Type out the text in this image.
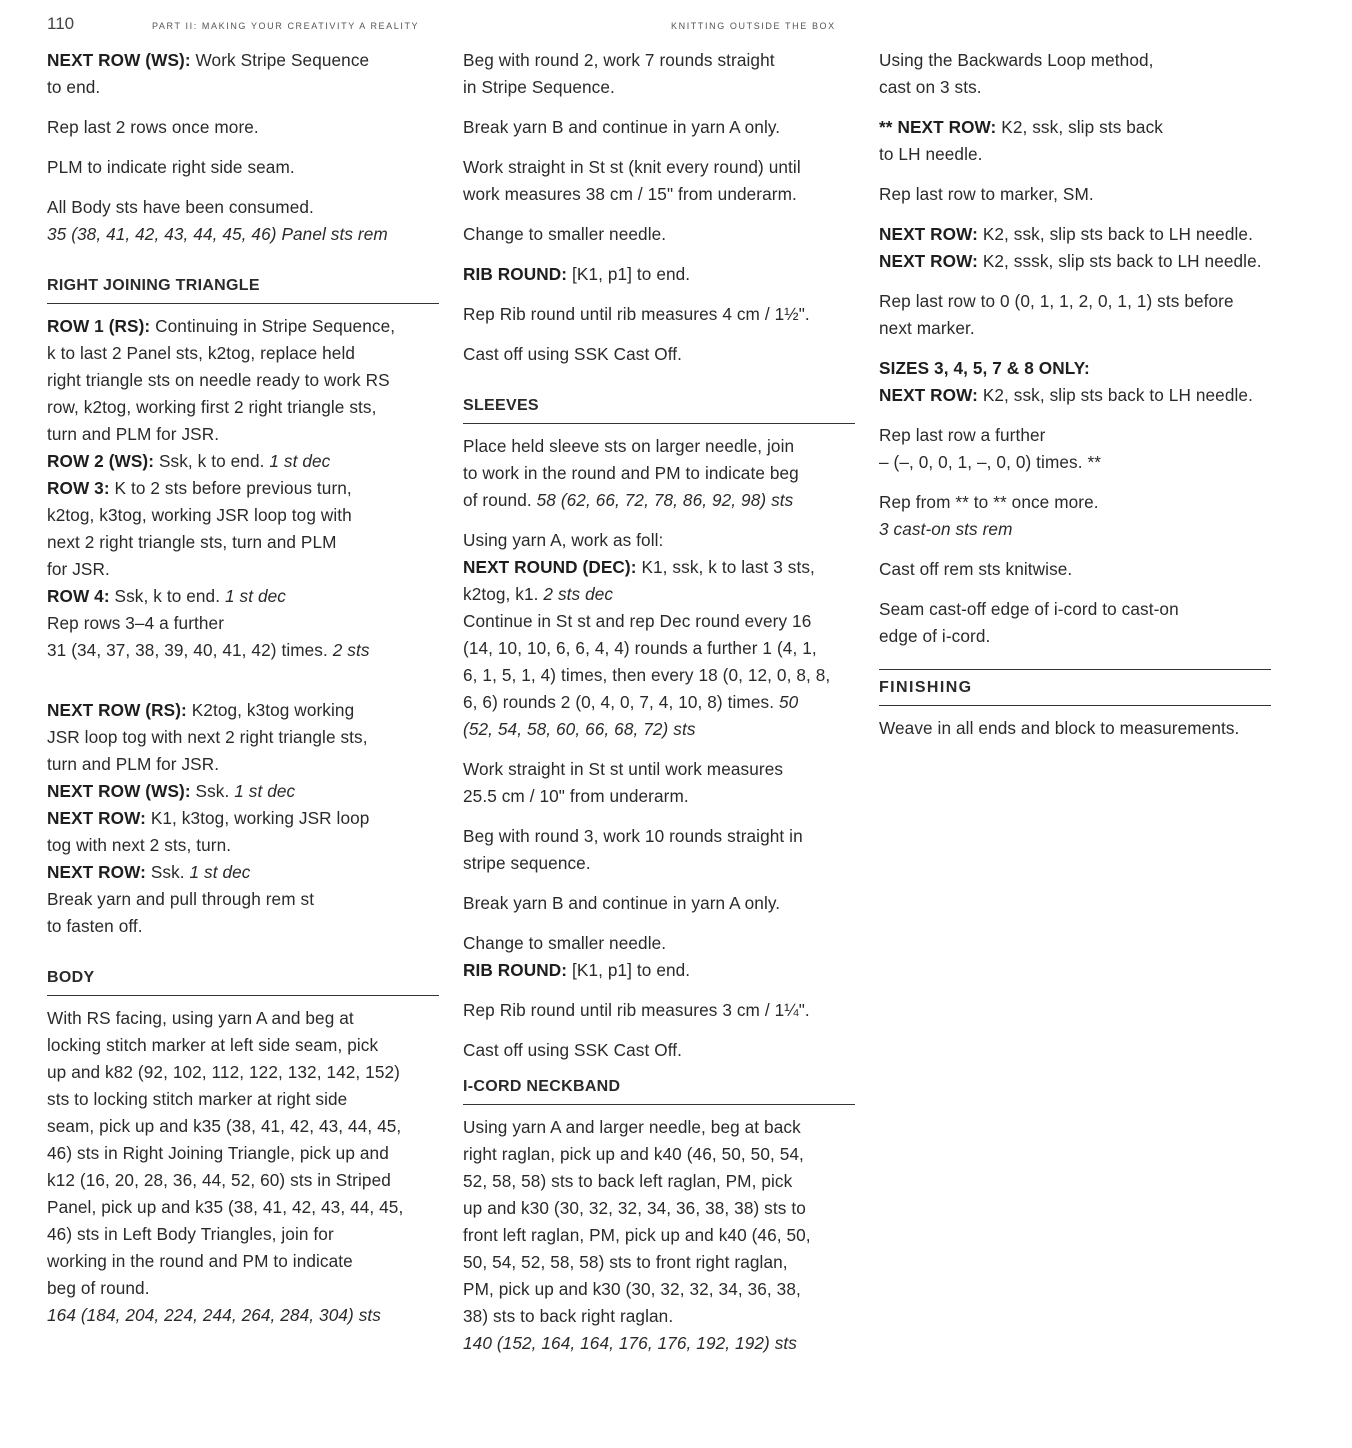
110	PART II: MAKING YOUR CREATIVITY A REALITY	KNITTING OUTSIDE THE BOX

NEXT ROW (WS): Work Stripe Sequence
to end.

Rep last 2 rows once more.

PLM to indicate right side seam.

All Body sts have been consumed.
35 (38, 41, 42, 43, 44, 45, 46) Panel sts rem

RIGHT JOINING TRIANGLE

ROW 1 (RS): Continuing in Stripe Sequence,
k to last 2 Panel sts, k2tog, replace held
right triangle sts on needle ready to work RS
row, k2tog, working first 2 right triangle sts,
turn and PLM for JSR.
ROW 2 (WS): Ssk, k to end. 1 st dec
ROW 3: K to 2 sts before previous turn,
k2tog, k3tog, working JSR loop tog with
next 2 right triangle sts, turn and PLM
for JSR.
ROW 4: Ssk, k to end. 1 st dec
Rep rows 3–4 a further
31 (34, 37, 38, 39, 40, 41, 42) times. 2 sts

NEXT ROW (RS): K2tog, k3tog working
JSR loop tog with next 2 right triangle sts,
turn and PLM for JSR.
NEXT ROW (WS): Ssk. 1 st dec
NEXT ROW: K1, k3tog, working JSR loop
tog with next 2 sts, turn.
NEXT ROW: Ssk. 1 st dec
Break yarn and pull through rem st
to fasten off.

BODY

With RS facing, using yarn A and beg at
locking stitch marker at left side seam, pick
up and k82 (92, 102, 112, 122, 132, 142, 152)
sts to locking stitch marker at right side
seam, pick up and k35 (38, 41, 42, 43, 44, 45,
46) sts in Right Joining Triangle, pick up and
k12 (16, 20, 28, 36, 44, 52, 60) sts in Striped
Panel, pick up and k35 (38, 41, 42, 43, 44, 45,
46) sts in Left Body Triangles, join for
working in the round and PM to indicate
beg of round.
164 (184, 204, 224, 244, 264, 284, 304) sts

Beg with round 2, work 7 rounds straight
in Stripe Sequence.

Break yarn B and continue in yarn A only.

Work straight in St st (knit every round) until
work measures 38 cm / 15" from underarm.

Change to smaller needle.

RIB ROUND: [K1, p1] to end.

Rep Rib round until rib measures 4 cm / 1½".

Cast off using SSK Cast Off.

SLEEVES

Place held sleeve sts on larger needle, join
to work in the round and PM to indicate beg
of round. 58 (62, 66, 72, 78, 86, 92, 98) sts

Using yarn A, work as foll:
NEXT ROUND (DEC): K1, ssk, k to last 3 sts,
k2tog, k1. 2 sts dec
Continue in St st and rep Dec round every 16
(14, 10, 10, 6, 6, 4, 4) rounds a further 1 (4, 1,
6, 1, 5, 1, 4) times, then every 18 (0, 12, 0, 8, 8,
6, 6) rounds 2 (0, 4, 0, 7, 4, 10, 8) times. 50
(52, 54, 58, 60, 66, 68, 72) sts

Work straight in St st until work measures
25.5 cm / 10" from underarm.

Beg with round 3, work 10 rounds straight in
stripe sequence.

Break yarn B and continue in yarn A only.

Change to smaller needle.
RIB ROUND: [K1, p1] to end.

Rep Rib round until rib measures 3 cm / 1¼".

Cast off using SSK Cast Off.

I-CORD NECKBAND

Using yarn A and larger needle, beg at back
right raglan, pick up and k40 (46, 50, 50, 54,
52, 58, 58) sts to back left raglan, PM, pick
up and k30 (30, 32, 32, 34, 36, 38, 38) sts to
front left raglan, PM, pick up and k40 (46, 50,
50, 54, 52, 58, 58) sts to front right raglan,
PM, pick up and k30 (30, 32, 32, 34, 36, 38,
38) sts to back right raglan.
140 (152, 164, 164, 176, 176, 192, 192) sts

Using the Backwards Loop method,
cast on 3 sts.

** NEXT ROW: K2, ssk, slip sts back
to LH needle.

Rep last row to marker, SM.

NEXT ROW: K2, ssk, slip sts back to LH needle.
NEXT ROW: K2, sssk, slip sts back to LH needle.

Rep last row to 0 (0, 1, 1, 2, 0, 1, 1) sts before
next marker.

SIZES 3, 4, 5, 7 & 8 ONLY:
NEXT ROW: K2, ssk, slip sts back to LH needle.

Rep last row a further
– (–, 0, 0, 1, –, 0, 0) times. **

Rep from ** to ** once more.
3 cast-on sts rem

Cast off rem sts knitwise.

Seam cast-off edge of i-cord to cast-on
edge of i-cord.

FINISHING

Weave in all ends and block to measurements.
